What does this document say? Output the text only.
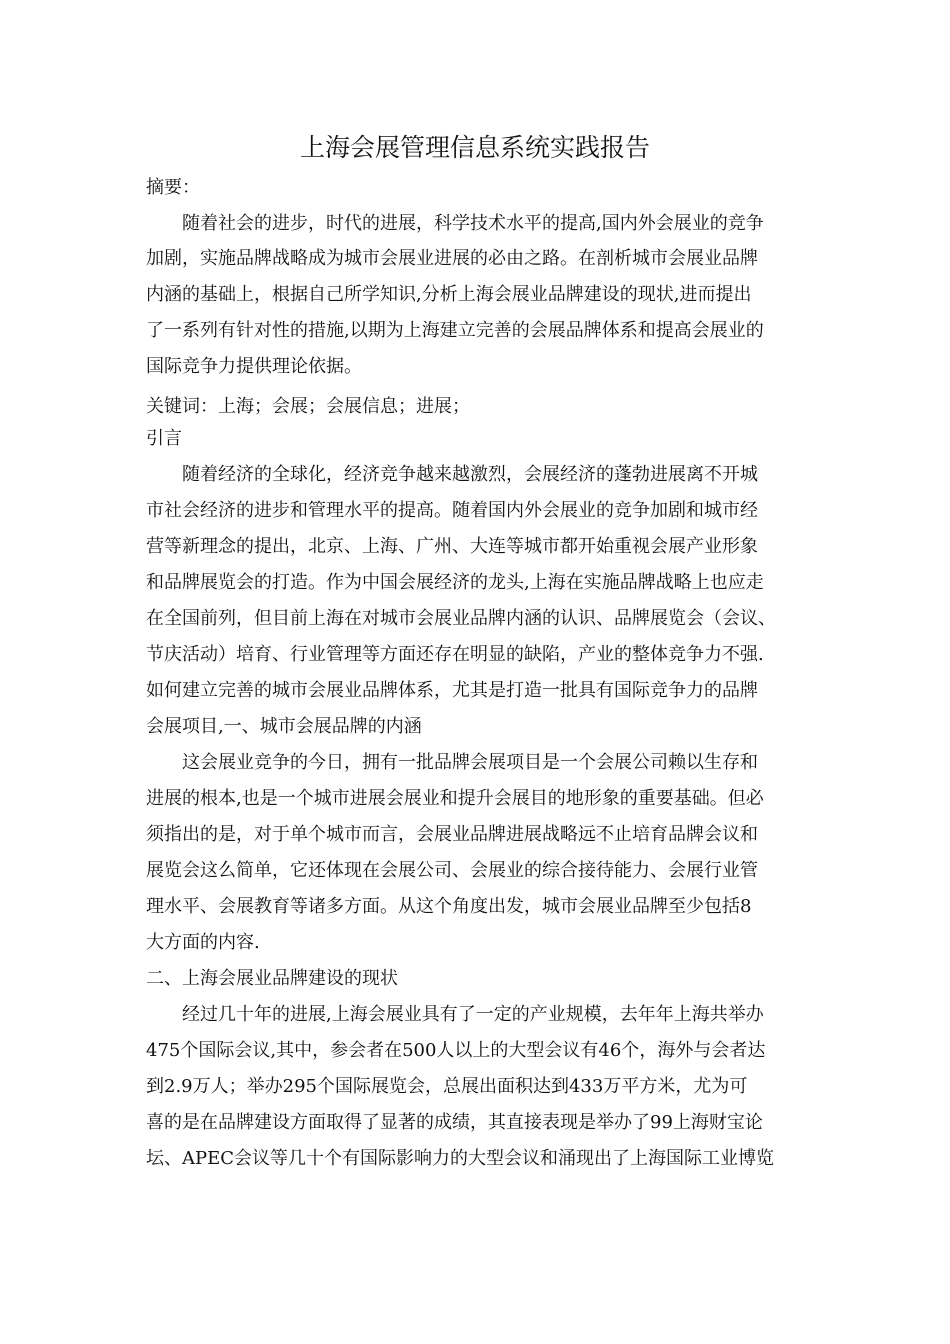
上海会展管理信息系统实践报告
摘要：
随着社会的进步，时代的进展，科学技术水平的提高,国内外会展业的竞争
加剧，实施品牌战略成为城市会展业进展的必由之路。在剖析城市会展业品牌
内涵的基础上，根据自己所学知识,分析上海会展业品牌建设的现状,进而提出
了一系列有针对性的措施,以期为上海建立完善的会展品牌体系和提高会展业的
国际竞争力提供理论依据。
关键词：上海；会展；会展信息；进展；
引言
随着经济的全球化，经济竞争越来越激烈，会展经济的蓬勃进展离不开城
市社会经济的进步和管理水平的提高。随着国内外会展业的竞争加剧和城市经
营等新理念的提出，北京、上海、广州、大连等城市都开始重视会展产业形象
和品牌展览会的打造。作为中国会展经济的龙头,上海在实施品牌战略上也应走
在全国前列，但目前上海在对城市会展业品牌内涵的认识、品牌展览会（会议、
节庆活动）培育、行业管理等方面还存在明显的缺陷，产业的整体竞争力不强.
如何建立完善的城市会展业品牌体系，尤其是打造一批具有国际竞争力的品牌
会展项目,一、城市会展品牌的内涵
这会展业竞争的今日，拥有一批品牌会展项目是一个会展公司赖以生存和
进展的根本,也是一个城市进展会展业和提升会展目的地形象的重要基础。但必
须指出的是，对于单个城市而言，会展业品牌进展战略远不止培育品牌会议和
展览会这么简单，它还体现在会展公司、会展业的综合接待能力、会展行业管
理水平、会展教育等诸多方面。从这个角度出发，城市会展业品牌至少包括8
大方面的内容.
二、上海会展业品牌建设的现状
经过几十年的进展,上海会展业具有了一定的产业规模，去年年上海共举办
475个国际会议,其中，参会者在500人以上的大型会议有46个，海外与会者达
到2.9万人；举办295个国际展览会，总展出面积达到433万平方米，尤为可
喜的是在品牌建设方面取得了显著的成绩，其直接表现是举办了99上海财宝论
坛、APEC会议等几十个有国际影响力的大型会议和涌现出了上海国际工业博览
